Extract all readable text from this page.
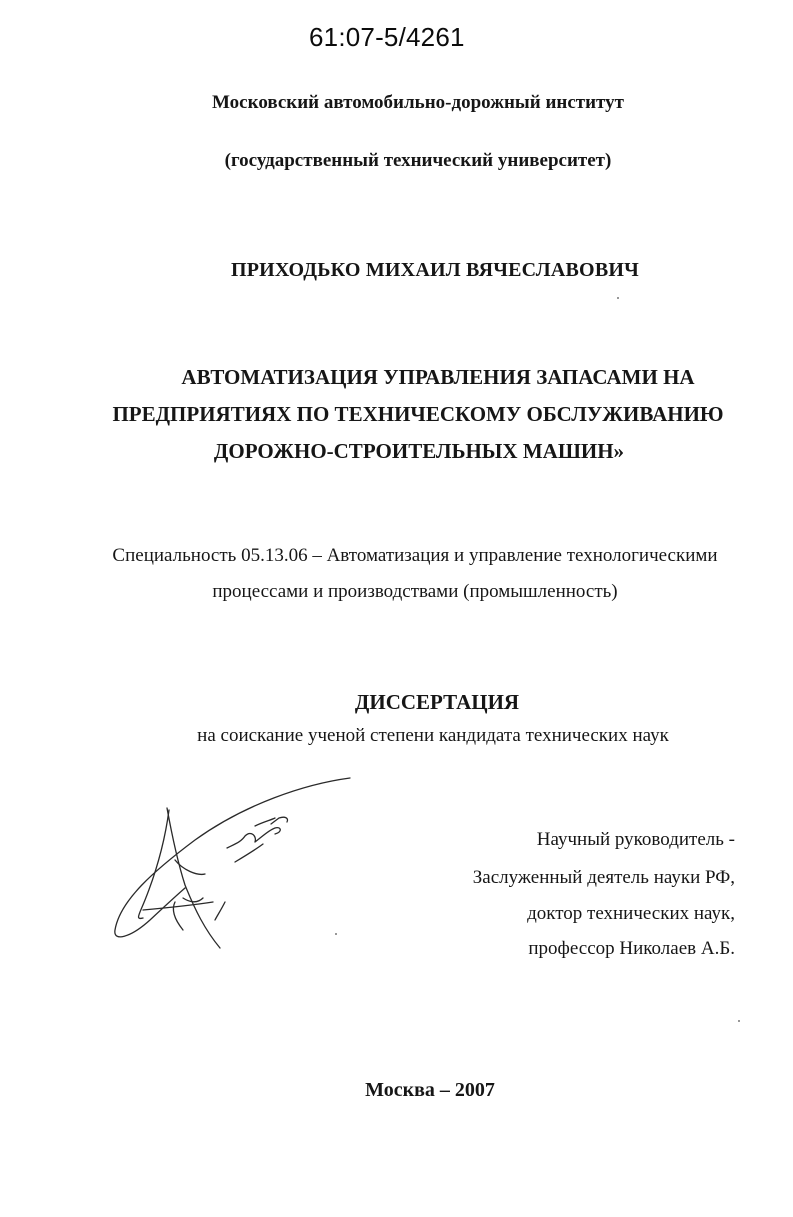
61:07-5/4261
Московский автомобильно-дорожный институт
(государственный технический университет)
ПРИХОДЬКО МИХАИЛ ВЯЧЕСЛАВОВИЧ
АВТОМАТИЗАЦИЯ УПРАВЛЕНИЯ ЗАПАСАМИ НА
ПРЕДПРИЯТИЯХ ПО ТЕХНИЧЕСКОМУ ОБСЛУЖИВАНИЮ
ДОРОЖНО-СТРОИТЕЛЬНЫХ МАШИН»
Специальность 05.13.06 – Автоматизация и управление технологическими
процессами и производствами (промышленность)
ДИССЕРТАЦИЯ
на соискание ученой степени кандидата технических наук
Научный руководитель -
Заслуженный деятель науки РФ,
доктор технических наук,
профессор Николаев А.Б.
Москва – 2007
